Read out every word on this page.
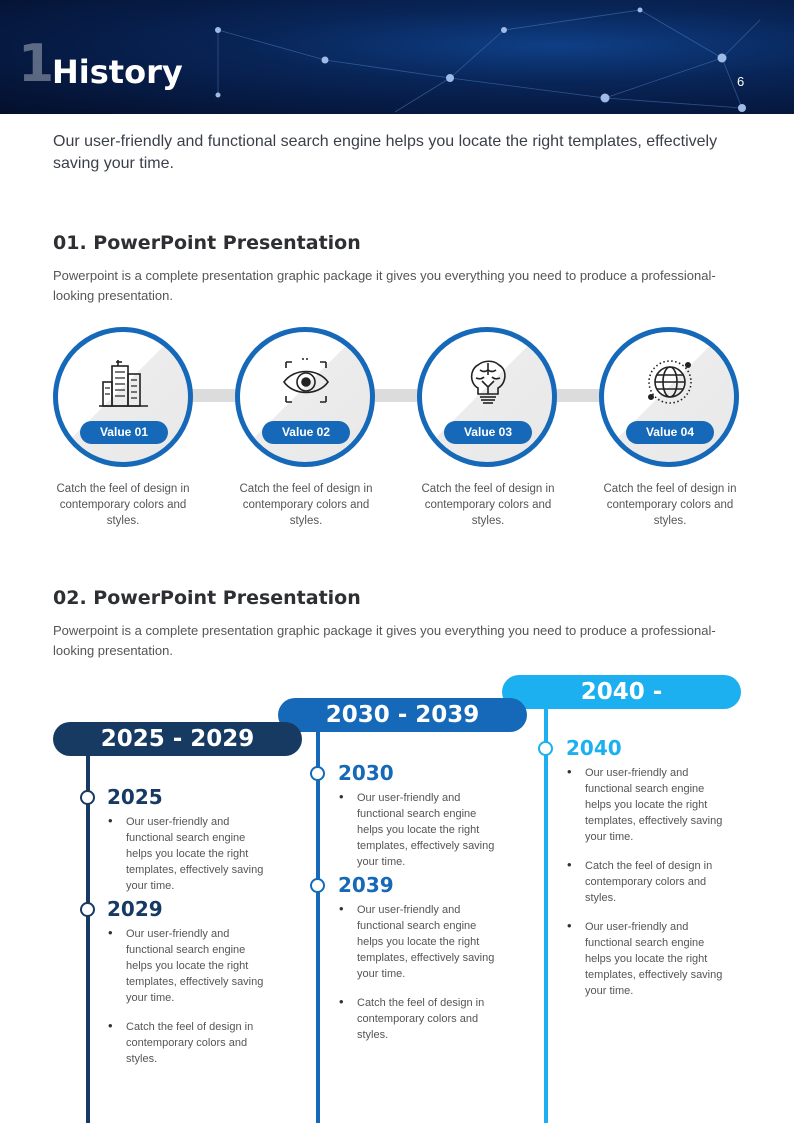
1
History	6
Our user-friendly and functional search engine helps you locate the right templates, effectively saving your time.
01. PowerPoint Presentation
Powerpoint is a complete presentation graphic package it gives you everything you need to produce a professional-looking presentation.
Value 01	Value 02	Value 03	Value 04
Catch the feel of design in contemporary colors and styles.
Catch the feel of design in contemporary colors and styles.
Catch the feel of design in contemporary colors and styles.
Catch the feel of design in contemporary colors and styles.
02. PowerPoint Presentation
Powerpoint is a complete presentation graphic package it gives you everything you need to produce a professional-looking presentation.
2040 -
2040
• Our user-friendly and functional search engine helps you locate the right templates, effectively saving your time.
• Catch the feel of design in contemporary colors and styles.
• Our user-friendly and functional search engine helps you locate the right templates, effectively saving your time.
2030 - 2039
2030
• Our user-friendly and functional search engine helps you locate the right templates, effectively saving your time.
2039
• Our user-friendly and functional search engine helps you locate the right templates, effectively saving your time.
• Catch the feel of design in contemporary colors and styles.
2025 - 2029
2025
• Our user-friendly and functional search engine helps you locate the right templates, effectively saving your time.
2029
• Our user-friendly and functional search engine helps you locate the right templates, effectively saving your time.
• Catch the feel of design in contemporary colors and styles.
